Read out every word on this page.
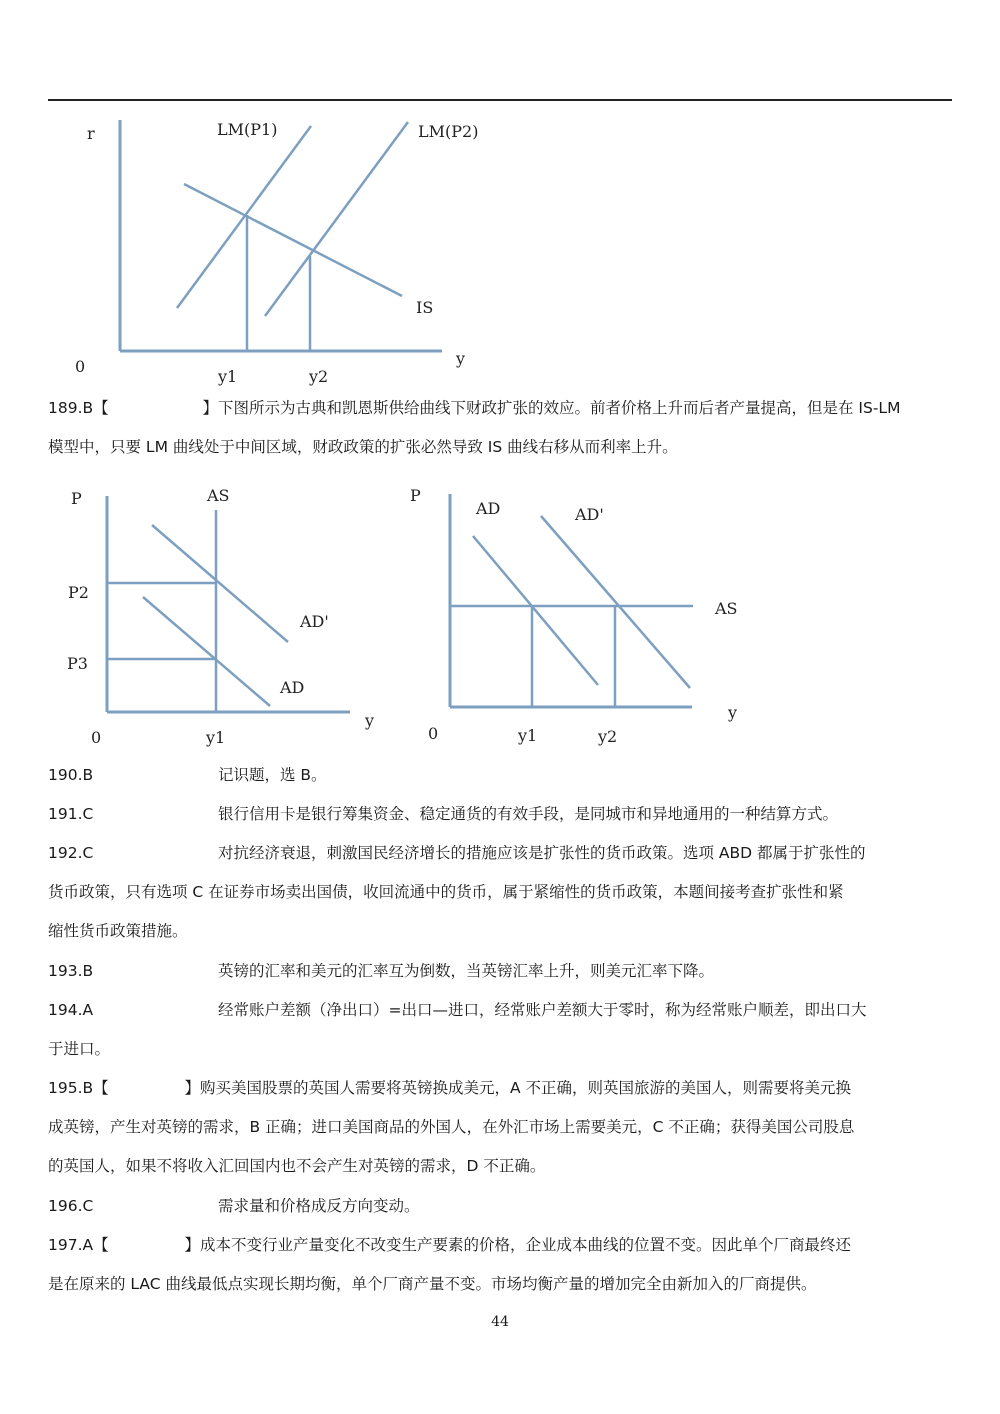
r	LM(P1)	LM(P2)
IS
0	y
y1	y2

189.B【	】 下图所示为古典和凯恩斯供给曲线下财政扩张的效应。前者价格上升而后者产量提高，但是在 IS-LM

模型中，只要 LM 曲线处于中间区域，财政政策的扩张必然导致 IS 曲线右移从而利率上升。

P	AS
P2
P3
AD'
AD
0
y
y1
P
AD	AD'
AS
y
0	y1	y2

190.B	记识题，选 B。

191.C	银行信用卡是银行筹集资金、稳定通货的有效手段，是同城市和异地通用的一种结算方式。

192.C	对抗经济衰退，刺激国民经济增长的措施应该是扩张性的货币政策。选项 ABD 都属于扩张性的

货币政策，只有选项 C 在证券市场卖出国债，收回流通中的货币，属于紧缩性的货币政策，本题间接考查扩张性和紧

缩性货币政策措施。

193.B	英镑的汇率和美元的汇率互为倒数，当英镑汇率上升，则美元汇率下降。

194.A	经常账户差额（净出口）=出口—进口，经常账户差额大于零时，称为经常账户顺差，即出口大

于进口。

195.B【	】 购买美国股票的英国人需要将英镑换成美元，A 不正确，则英国旅游的美国人，则需要将美元换

成英镑，产生对英镑的需求，B 正确；进口美国商品的外国人，在外汇市场上需要美元，C 不正确；获得美国公司股息

的英国人，如果不将收入汇回国内也不会产生对英镑的需求，D 不正确。

196.C	需求量和价格成反方向变动。

197.A【	】 成本不变行业产量变化不改变生产要素的价格，企业成本曲线的位置不变。因此单个厂商最终还

是在原来的 LAC 曲线最低点实现长期均衡，单个厂商产量不变。市场均衡产量的增加完全由新加入的厂商提供。

44
